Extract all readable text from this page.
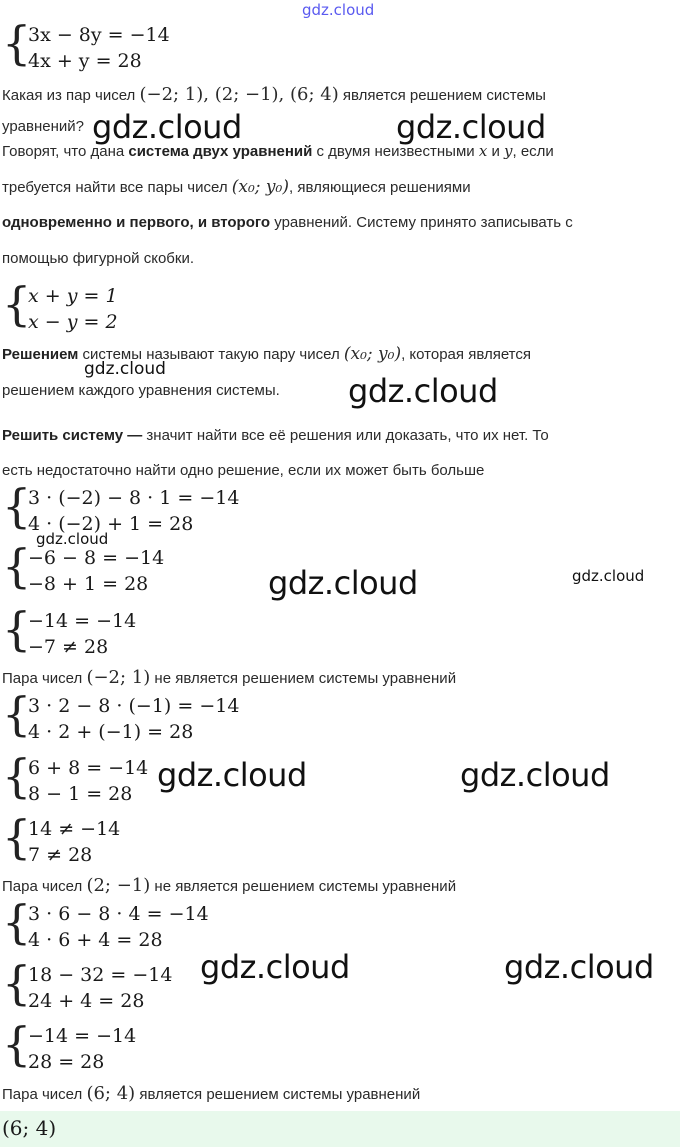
gdz.cloud
{
3x − 8y = −14
4x + y = 28
Какая из пар чисел (−2; 1), (2; −1), (6; 4) является решением системы
уравнений?
Говорят, что дана система двух уравнений с двумя неизвестными x и y, если
требуется найти все пары чисел (x₀; y₀), являющиеся решениями
одновременно и первого, и второго уравнений. Систему принято записывать с
помощью фигурной скобки.
{
x + y = 1
x − y = 2
Решением системы называют такую пару чисел (x₀; y₀), которая является
решением каждого уравнения системы.
Решить систему — значит найти все её решения или доказать, что их нет. То
есть недостаточно найти одно решение, если их может быть больше
{
3 · (−2) − 8 · 1 = −14
4 · (−2) + 1 = 28
{
−6 − 8 = −14
−8 + 1 = 28
{
−14 = −14
−7 ≠ 28
Пара чисел (−2; 1) не является решением системы уравнений
{
3 · 2 − 8 · (−1) = −14
4 · 2 + (−1) = 28
{
6 + 8 = −14
8 − 1 = 28
{
14 ≠ −14
7 ≠ 28
Пара чисел (2; −1) не является решением системы уравнений
{
3 · 6 − 8 · 4 = −14
4 · 6 + 4 = 28
{
18 − 32 = −14
24 + 4 = 28
{
−14 = −14
28 = 28
Пара чисел (6; 4) является решением системы уравнений
(6; 4)
gdz.cloud	gdz.cloud
gdz.cloud
gdz.cloud
gdz.cloud
gdz.cloud	gdz.cloud
gdz.cloud	gdz.cloud
gdz.cloud	gdz.cloud
